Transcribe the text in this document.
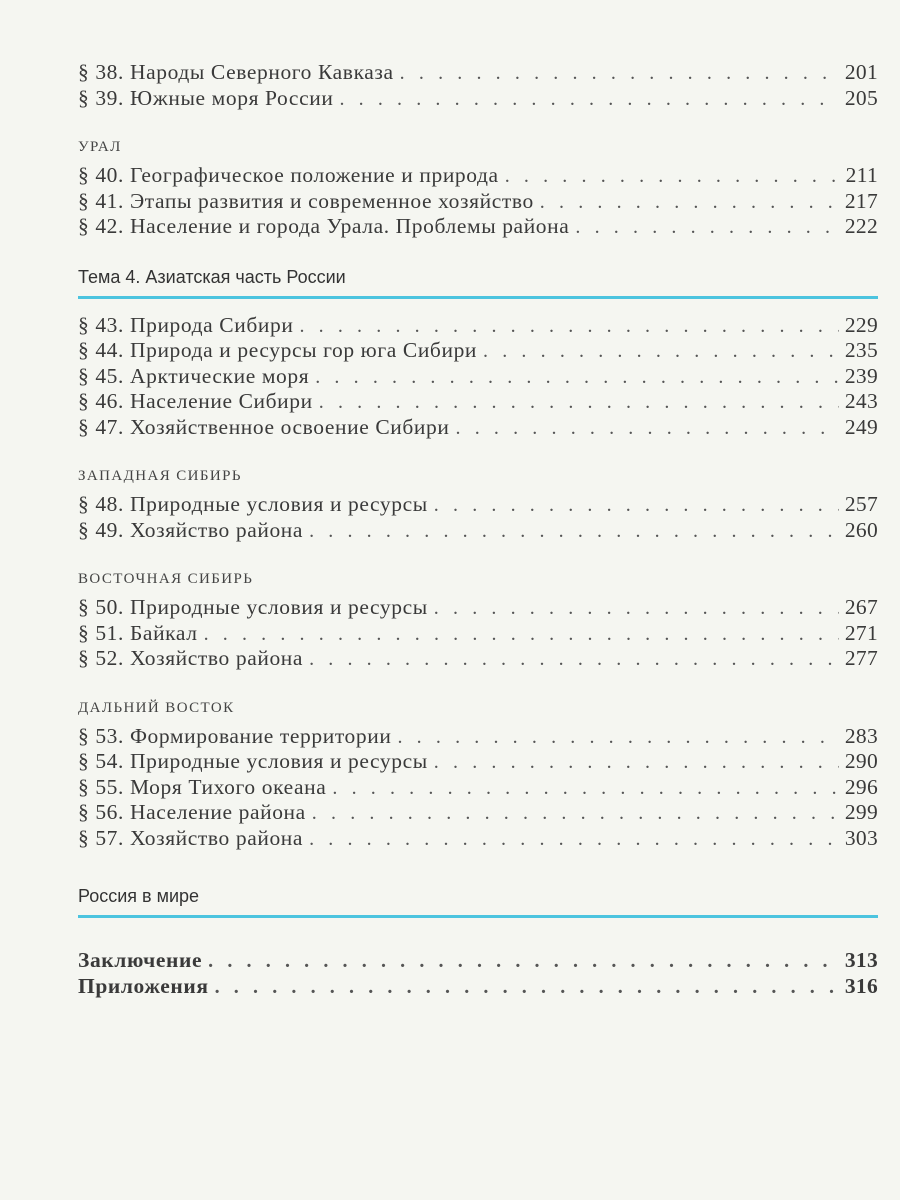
§ 38. Народы Северного Кавказа . . .	201
§ 39. Южные моря России . . .	205
УРАЛ
§ 40. Географическое положение и природа . . .	211
§ 41. Этапы развития и современное хозяйство . . .	217
§ 42. Население и города Урала. Проблемы района . . .	222
Тема 4. Азиатская часть России
§ 43. Природа Сибири . . .	229
§ 44. Природа и ресурсы гор юга Сибири . . .	235
§ 45. Арктические моря . . .	239
§ 46. Население Сибири . . .	243
§ 47. Хозяйственное освоение Сибири . . .	249
ЗАПАДНАЯ СИБИРЬ
§ 48. Природные условия и ресурсы . . .	257
§ 49. Хозяйство района . . .	260
ВОСТОЧНАЯ СИБИРЬ
§ 50. Природные условия и ресурсы . . .	267
§ 51. Байкал . . .	271
§ 52. Хозяйство района . . .	277
ДАЛЬНИЙ ВОСТОК
§ 53. Формирование территории . . .	283
§ 54. Природные условия и ресурсы . . .	290
§ 55. Моря Тихого океана . . .	296
§ 56. Население района . . .	299
§ 57. Хозяйство района . . .	303
Россия в мире
Заключение . . .	313
Приложения . . .	316
